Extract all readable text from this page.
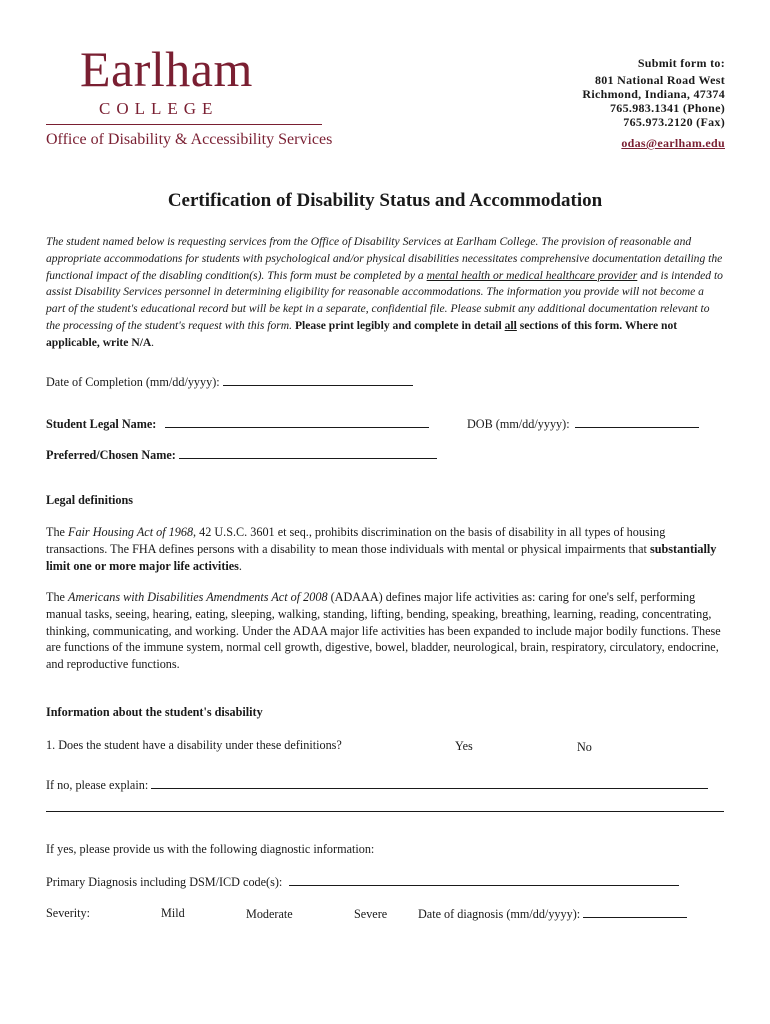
Earlham
COLLEGE
Office of Disability & Accessibility Services
Submit form to:
801 National Road West
Richmond, Indiana, 47374
765.983.1341 (Phone)
765.973.2120 (Fax)
odas@earlham.edu
Certification of Disability Status and Accommodation
The student named below is requesting services from the Office of Disability Services at Earlham College. The provision of reasonable and appropriate accommodations for students with psychological and/or physical disabilities necessitates comprehensive documentation detailing the functional impact of the disabling condition(s). This form must be completed by a mental health or medical healthcare provider and is intended to assist Disability Services personnel in determining eligibility for reasonable accommodations. The information you provide will not become a part of the student's educational record but will be kept in a separate, confidential file. Please submit any additional documentation relevant to the processing of the student's request with this form. Please print legibly and complete in detail all sections of this form. Where not applicable, write N/A.
Date of Completion (mm/dd/yyyy):
Student Legal Name:	DOB (mm/dd/yyyy):
Preferred/Chosen Name:
Legal definitions
The Fair Housing Act of 1968, 42 U.S.C. 3601 et seq., prohibits discrimination on the basis of disability in all types of housing transactions. The FHA defines persons with a disability to mean those individuals with mental or physical impairments that substantially limit one or more major life activities.
The Americans with Disabilities Amendments Act of 2008 (ADAAA) defines major life activities as: caring for one's self, performing manual tasks, seeing, hearing, eating, sleeping, walking, standing, lifting, bending, speaking, breathing, learning, reading, concentrating, thinking, communicating, and working. Under the ADAA major life activities has been expanded to include major bodily functions. These are functions of the immune system, normal cell growth, digestive, bowel, bladder, neurological, brain, respiratory, circulatory, endocrine, and reproductive functions.
Information about the student's disability
1. Does the student have a disability under these definitions?	Yes	No
If no, please explain:
If yes, please provide us with the following diagnostic information:
Primary Diagnosis including DSM/ICD code(s):
Severity:	Mild	Moderate	Severe	Date of diagnosis (mm/dd/yyyy):
